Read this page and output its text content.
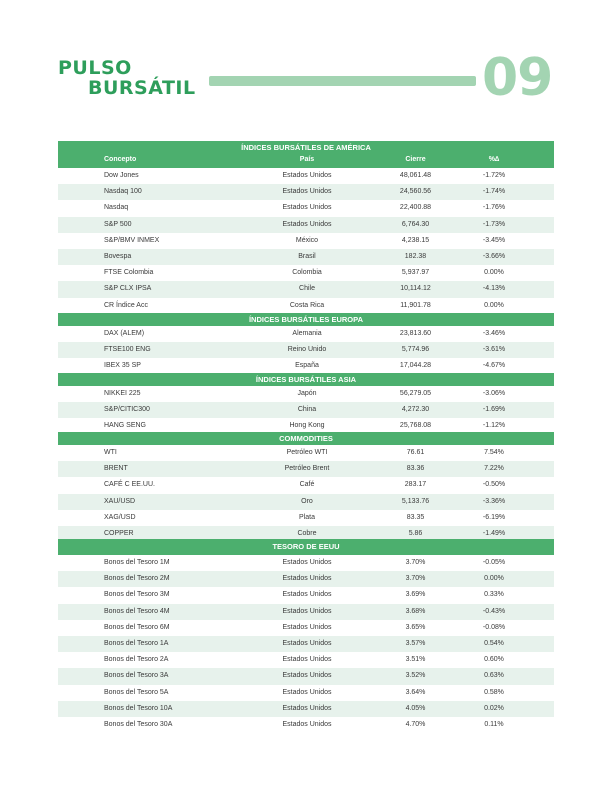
PULSO
BURSÁTIL	09
ÍNDICES BURSÁTILES DE AMÉRICA
Concepto	País	Cierre	%∆
Dow Jones	Estados Unidos	48,061.48	-1.72%
Nasdaq 100	Estados Unidos	24,560.56	-1.74%
Nasdaq	Estados Unidos	22,400.88	-1.76%
S&P 500	Estados Unidos	6,764.30	-1.73%
S&P/BMV INMEX	México	4,238.15	-3.45%
Bovespa	Brasil	182.38	-3.66%
FTSE Colombia	Colombia	5,937.97	0.00%
S&P CLX IPSA	Chile	10,114.12	-4.13%
CR Índice Acc	Costa Rica	11,901.78	0.00%
ÍNDICES BURSÁTILES EUROPA
DAX (ALEM)	Alemania	23,813.60	-3.46%
FTSE100 ENG	Reino Unido	5,774.96	-3.61%
IBEX 35 SP	España	17,044.28	-4.67%
ÍNDICES BURSÁTILES ASIA
NIKKEI 225	Japón	56,279.05	-3.06%
S&P/CITIC300	China	4,272.30	-1.69%
HANG SENG	Hong Kong	25,768.08	-1.12%
COMMODITIES
WTI	Petróleo WTI	76.61	7.54%
BRENT	Petróleo Brent	83.36	7.22%
CAFÉ C EE.UU.	Café	283.17	-0.50%
XAU/USD	Oro	5,133.76	-3.36%
XAG/USD	Plata	83.35	-6.19%
COPPER	Cobre	5.86	-1.49%
TESORO DE EEUU
Bonos del Tesoro 1M	Estados Unidos	3.70%	-0.05%
Bonos del Tesoro 2M	Estados Unidos	3.70%	0.00%
Bonos del Tesoro 3M	Estados Unidos	3.69%	0.33%
Bonos del Tesoro 4M	Estados Unidos	3.68%	-0.43%
Bonos del Tesoro 6M	Estados Unidos	3.65%	-0.08%
Bonos del Tesoro 1A	Estados Unidos	3.57%	0.54%
Bonos del Tesoro 2A	Estados Unidos	3.51%	0.60%
Bonos del Tesoro 3A	Estados Unidos	3.52%	0.63%
Bonos del Tesoro 5A	Estados Unidos	3.64%	0.58%
Bonos del Tesoro 10A	Estados Unidos	4.05%	0.02%
Bonos del Tesoro 30A	Estados Unidos	4.70%	0.11%
